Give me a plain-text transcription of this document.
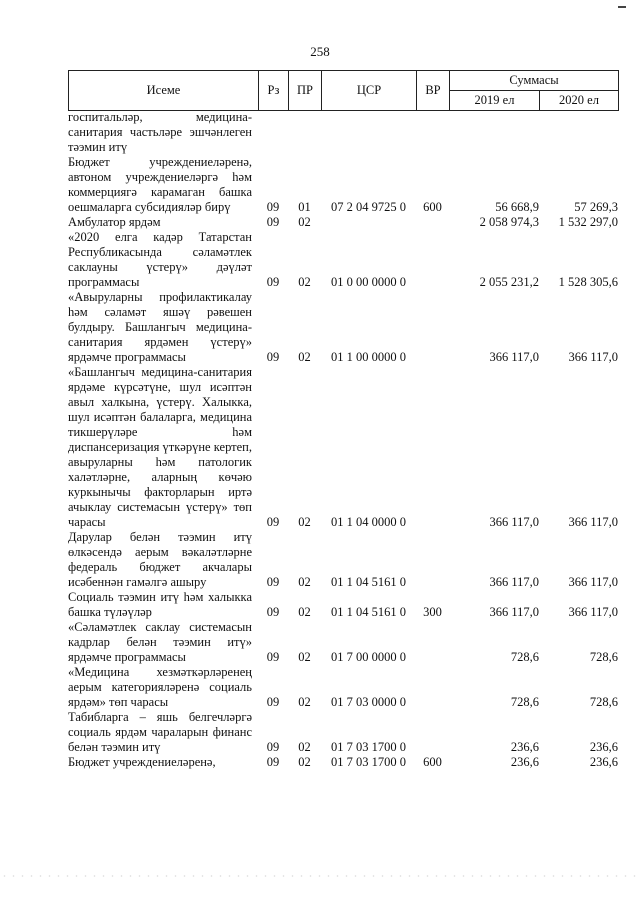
258
Исеме	Рз	ПР	ЦСР	ВР	Суммасы	
					2019 ел	2020 ел
госпитальләр, медицина-санитария частьләре эшчәнлеген тәэмин итү						
Бюджет учреждениеләренә, автоном учреждениеләргә һәм коммерциягә карамаган башка оешмаларга субсидияләр бирү	09	01	07 2 04 9725 0	600	56 668,9	57 269,3
Амбулатор ярдәм	09	02			2 058 974,3	1 532 297,0
«2020 елга кадәр Татарстан Республикасында сәламәтлек саклауны үстерү» дәүләт программасы	09	02	01 0 00 0000 0		2 055 231,2	1 528 305,6
«Авыруларны профилактикалау һәм сәламәт яшәү рәвешен булдыру. Башлангыч медицина-санитария ярдәмен үстерү» ярдәмче программасы	09	02	01 1 00 0000 0		366 117,0	366 117,0
«Башлангыч медицина-санитария ярдәме күрсәтүне, шул исәптән авыл халкына, үстерү. Халыкка, шул исәптән балаларга, медицина тикшерүләре һәм диспансеризация үткәрүне кертеп, авыруларны һәм патологик халәтләрне, аларның көчәю куркынычы факторларын иртә ачыклау системасын үстерү» төп чарасы	09	02	01 1 04 0000 0		366 117,0	366 117,0
Дарулар белән тәэмин итү өлкәсендә аерым вәкаләтләрне федераль бюджет акчалары исәбеннән гамәлгә ашыру	09	02	01 1 04 5161 0		366 117,0	366 117,0
Социаль тәэмин итү һәм халыкка башка түләүләр	09	02	01 1 04 5161 0	300	366 117,0	366 117,0
«Сәламәтлек саклау системасын кадрлар белән тәэмин итү» ярдәмче программасы	09	02	01 7 00 0000 0		728,6	728,6
«Медицина хезмәткәрләренең аерым категорияләренә социаль ярдәм» төп чарасы	09	02	01 7 03 0000 0		728,6	728,6
Табибларга – яшь белгечләргә социаль ярдәм чараларын финанс белән тәэмин итү	09	02	01 7 03 1700 0		236,6	236,6
Бюджет учреждениеләренә,	09	02	01 7 03 1700 0	600	236,6	236,6
